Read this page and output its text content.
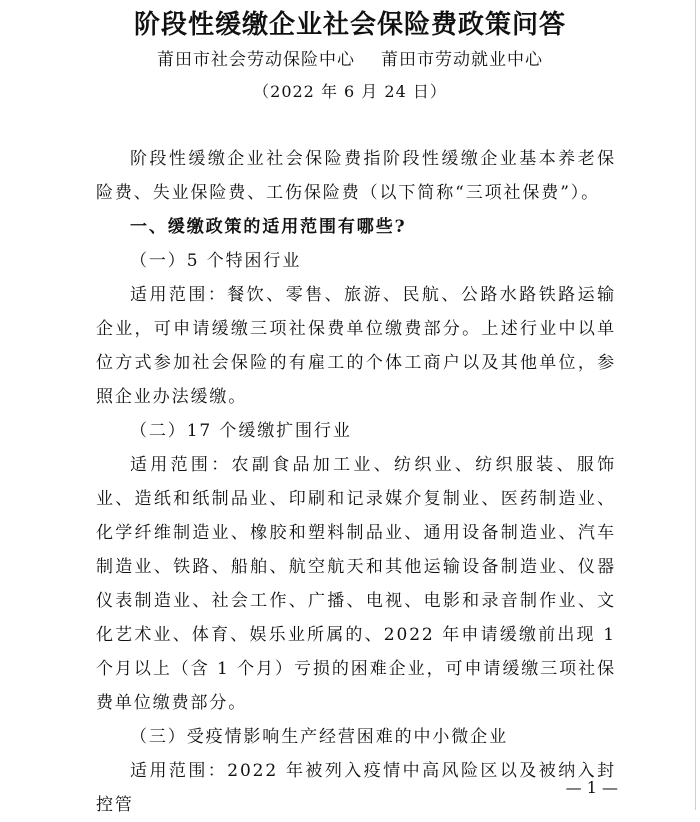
阶段性缓缴企业社会保险费政策问答
莆田市社会劳动保险中心 莆田市劳动就业中心
（2022 年 6 月 24 日）

阶段性缓缴企业社会保险费指阶段性缓缴企业基本养老保险费、失业保险费、工伤保险费（以下简称“三项社保费”）。

一、缓缴政策的适用范围有哪些?

（一）5 个特困行业

适用范围：餐饮、零售、旅游、民航、公路水路铁路运输企业，可申请缓缴三项社保费单位缴费部分。上述行业中以单位方式参加社会保险的有雇工的个体工商户以及其他单位，参照企业办法缓缴。

（二）17 个缓缴扩围行业

适用范围：农副食品加工业、纺织业、纺织服装、服饰业、造纸和纸制品业、印刷和记录媒介复制业、医药制造业、化学纤维制造业、橡胶和塑料制品业、通用设备制造业、汽车制造业、铁路、船舶、航空航天和其他运输设备制造业、仪器仪表制造业、社会工作、广播、电视、电影和录音制作业、文化艺术业、体育、娱乐业所属的、2022 年申请缓缴前出现 1 个月以上（含 1 个月）亏损的困难企业，可申请缓缴三项社保费单位缴费部分。

（三）受疫情影响生产经营困难的中小微企业

适用范围：2022 年被列入疫情中高风险区以及被纳入封控管

— 1 —
